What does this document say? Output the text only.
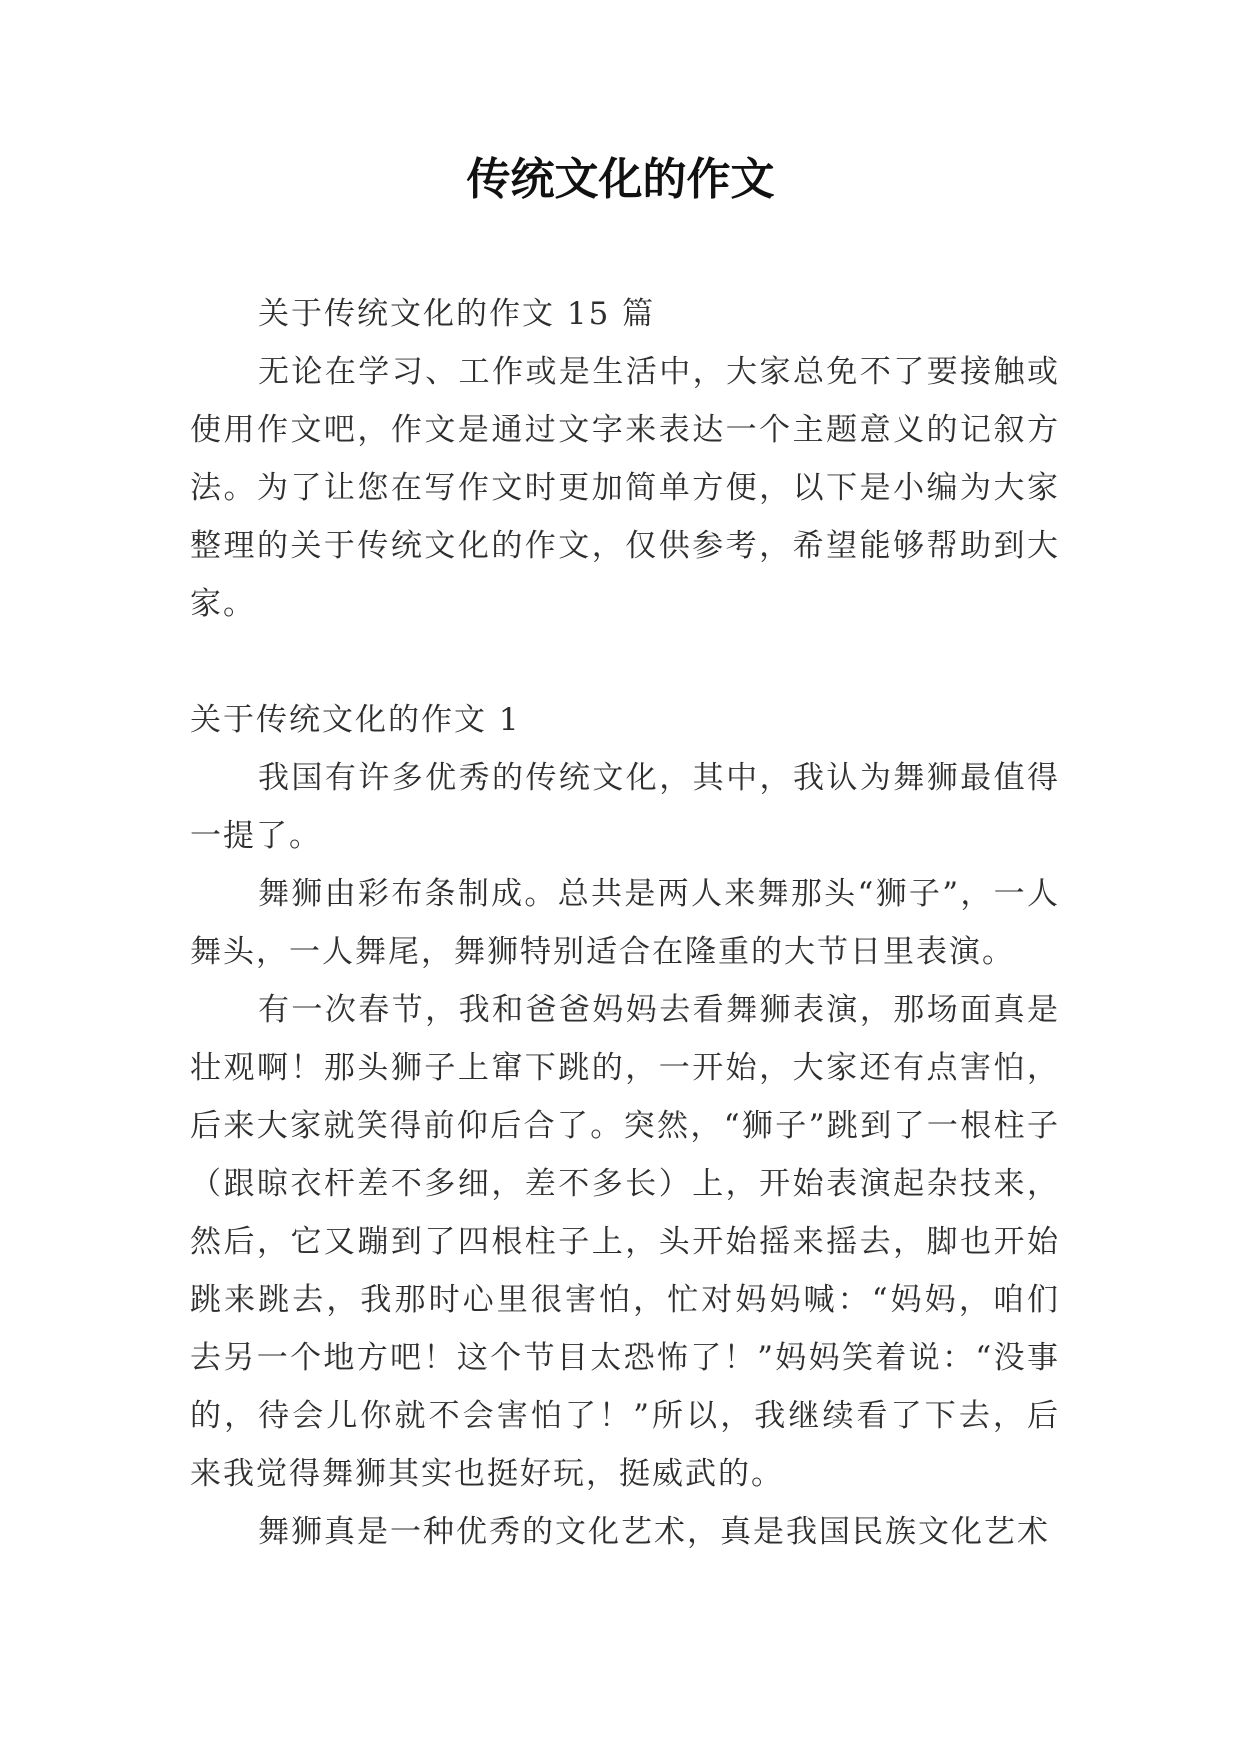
传统文化的作文

关于传统文化的作文 15 篇

无论在学习、工作或是生活中，大家总免不了要接触或使用作文吧，作文是通过文字来表达一个主题意义的记叙方法。为了让您在写作文时更加简单方便，以下是小编为大家整理的关于传统文化的作文，仅供参考，希望能够帮助到大家。

关于传统文化的作文 1

我国有许多优秀的传统文化，其中，我认为舞狮最值得一提了。

舞狮由彩布条制成。总共是两人来舞那头“狮子”，一人舞头，一人舞尾，舞狮特别适合在隆重的大节日里表演。

有一次春节，我和爸爸妈妈去看舞狮表演，那场面真是壮观啊！那头狮子上窜下跳的，一开始，大家还有点害怕，后来大家就笑得前仰后合了。突然，“狮子”跳到了一根柱子（跟晾衣杆差不多细，差不多长）上，开始表演起杂技来，然后，它又蹦到了四根柱子上，头开始摇来摇去，脚也开始跳来跳去，我那时心里很害怕，忙对妈妈喊：“妈妈，咱们去另一个地方吧！这个节目太恐怖了！”妈妈笑着说：“没事的，待会儿你就不会害怕了！”所以，我继续看了下去，后来我觉得舞狮其实也挺好玩，挺威武的。

舞狮真是一种优秀的文化艺术，真是我国民族文化艺术
